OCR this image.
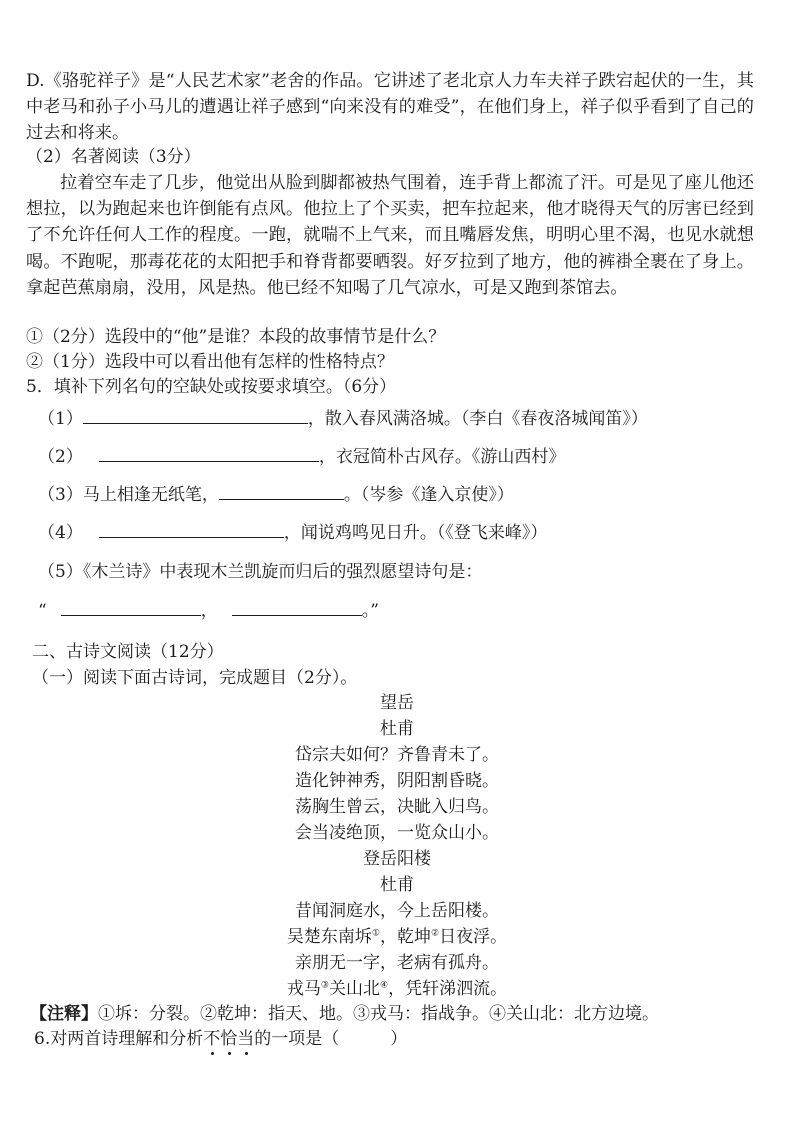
D.《骆驼祥子》是“人民艺术家”老舍的作品。它讲述了老北京人力车夫祥子跌宕起伏的一生，其中老马和孙子小马儿的遭遇让祥子感到“向来没有的难受”，在他们身上，祥子似乎看到了自己的过去和将来。
（2）名著阅读（3分）
拉着空车走了几步，他觉出从脸到脚都被热气围着，连手背上都流了汗。可是见了座儿他还想拉，以为跑起来也许倒能有点风。他拉上了个买卖，把车拉起来，他才晓得天气的厉害已经到了不允许任何人工作的程度。一跑，就喘不上气来，而且嘴唇发焦，明明心里不渴，也见水就想喝。不跑呢，那毒花花的太阳把手和脊背都要晒裂。好歹拉到了地方，他的裤褂全裹在了身上。拿起芭蕉扇扇，没用，风是热。他已经不知喝了几气凉水，可是又跑到茶馆去。
①（2分）选段中的“他”是谁？本段的故事情节是什么？
②（1分）选段中可以看出他有怎样的性格特点？
5．填补下列名句的空缺处或按要求填空。（6分）
（1）	，散入春风满洛城。（李白《春夜洛城闻笛》）
（2）	，衣冠简朴古风存。《游山西村》
（3）马上相逢无纸笔，	。（岑参《逢入京使》）
（4）	，闻说鸡鸣见日升。（《登飞来峰》）
（5）《木兰诗》中表现木兰凯旋而归后的强烈愿望诗句是：
“	，	。”
二、古诗文阅读（12分）
（一）阅读下面古诗词，完成题目（2分）。
望岳
杜甫
岱宗夫如何？齐鲁青未了。
造化钟神秀，阴阳割昏晓。
荡胸生曾云，决眦入归鸟。
会当凌绝顶，一览众山小。
登岳阳楼
杜甫
昔闻洞庭水，今上岳阳楼。
吴楚东南坼①，乾坤②日夜浮。
亲朋无一字，老病有孤舟。
戎马③关山北④，凭轩涕泗流。
【注释】①坼：分裂。②乾坤：指天、地。③戎马：指战争。④关山北：北方边境。
6.对两首诗理解和分析不恰当的一项是（　　　）
